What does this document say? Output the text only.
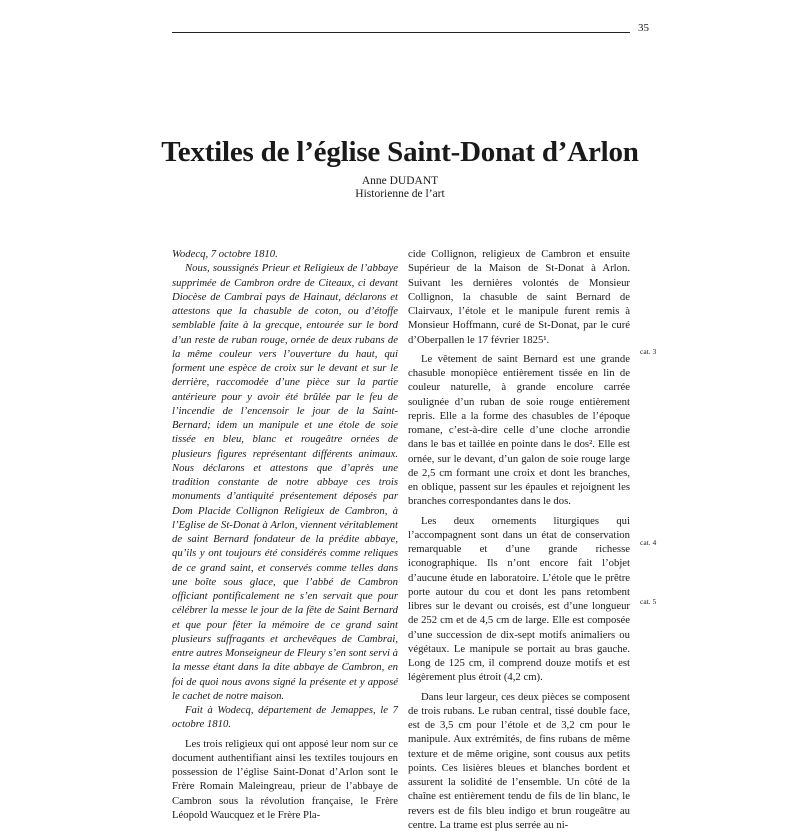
35
Textiles de l’église Saint-Donat d’Arlon
Anne DUDANT
Historienne de l’art

Wodecq, 7 octobre 1810.

Nous, soussignés Prieur et Religieux de l’abbaye supprimée de Cambron ordre de Citeaux, ci devant Diocèse de Cambrai pays de Hainaut, déclarons et attestons que la chasuble de coton, ou d’étoffe semblable faite à la grecque, entourée sur le bord d’un reste de ruban rouge, ornée de deux rubans de la même couleur vers l’ouverture du haut, qui forment une espèce de croix sur le devant et sur le derrière, raccomodée d’une pièce sur la partie antérieure pour y avoir été brûlée par le feu de l’incendie de l’encensoir le jour de la Saint-Bernard; idem un manipule et une étole de soie tissée en bleu, blanc et rougeâtre ornées de plusieurs figures représentant différents animaux. Nous déclarons et attestons que d’après une tradition constante de notre abbaye ces trois monuments d’antiquité présentement déposés par Dom Placide Collignon Religieux de Cambron, à l’Eglise de St-Donat à Arlon, viennent véritablement de saint Bernard fondateur de la prédite abbaye, qu’ils y ont toujours été considérés comme reliques de ce grand saint, et conservés comme telles dans une boîte sous glace, que l’abbé de Cambron officiant pontificalement ne s’en servait que pour célébrer la messe le jour de la fête de Saint Bernard et que pour fêter la mémoire de ce grand saint plusieurs suffragants et archevêques de Cambrai, entre autres Monseigneur de Fleury s’en sont servi à la messe étant dans la dite abbaye de Cambron, en foi de quoi nous avons signé la présente et y apposé le cachet de notre maison.

Fait à Wodecq, département de Jemappes, le 7 octobre 1810.

Les trois religieux qui ont apposé leur nom sur ce document authentifiant ainsi les textiles toujours en possession de l’église Saint-Donat d’Arlon sont le Frère Romain Maleingreau, prieur de l’abbaye de Cambron sous la révolution française, le Frère Léopold Waucquez et le Frère Pla-

cide Collignon, religieux de Cambron et ensuite Supérieur de la Maison de St-Donat à Arlon. Suivant les dernières volontés de Monsieur Collignon, la chasuble de saint Bernard de Clairvaux, l’étole et le manipule furent remis à Monsieur Hoffmann, curé de St-Donat, par le curé d’Oberpallen le 17 février 1825¹.

Le vêtement de saint Bernard est une grande chasuble monopièce entièrement tissée en lin de couleur naturelle, à grande encolure carrée soulignée d’un ruban de soie rouge entièrement repris. Elle a la forme des chasubles de l’époque romane, c’est-à-dire celle d’une cloche arrondie dans le bas et taillée en pointe dans le dos². Elle est ornée, sur le devant, d’un galon de soie rouge large de 2,5 cm formant une croix et dont les branches, en oblique, passent sur les épaules et rejoignent les branches correspondantes dans le dos.

Les deux ornements liturgiques qui l’accompagnent sont dans un état de conservation remarquable et d’une grande richesse iconographique. Ils n’ont encore fait l’objet d’aucune étude en laboratoire. L’étole que le prêtre porte autour du cou et dont les pans retombent libres sur le devant ou croisés, est d’une longueur de 252 cm et de 4,5 cm de large. Elle est composée d’une succession de dix-sept motifs animaliers ou végétaux. Le manipule se portait au bras gauche. Long de 125 cm, il comprend douze motifs et est légèrement plus étroit (4,2 cm).

Dans leur largeur, ces deux pièces se composent de trois rubans. Le ruban central, tissé double face, est de 3,5 cm pour l’étole et de 3,2 cm pour le manipule. Aux extrémités, de fins rubans de même texture et de même origine, sont cousus aux petits points. Ces lisières bleues et blanches bordent et assurent la solidité de l’ensemble. Un côté de la chaîne est entièrement tendu de fils de lin blanc, le revers est de fils bleu indigo et brun rougeâtre au centre. La trame est plus serrée au ni-

cat. 3
cat. 4
cat. 5
